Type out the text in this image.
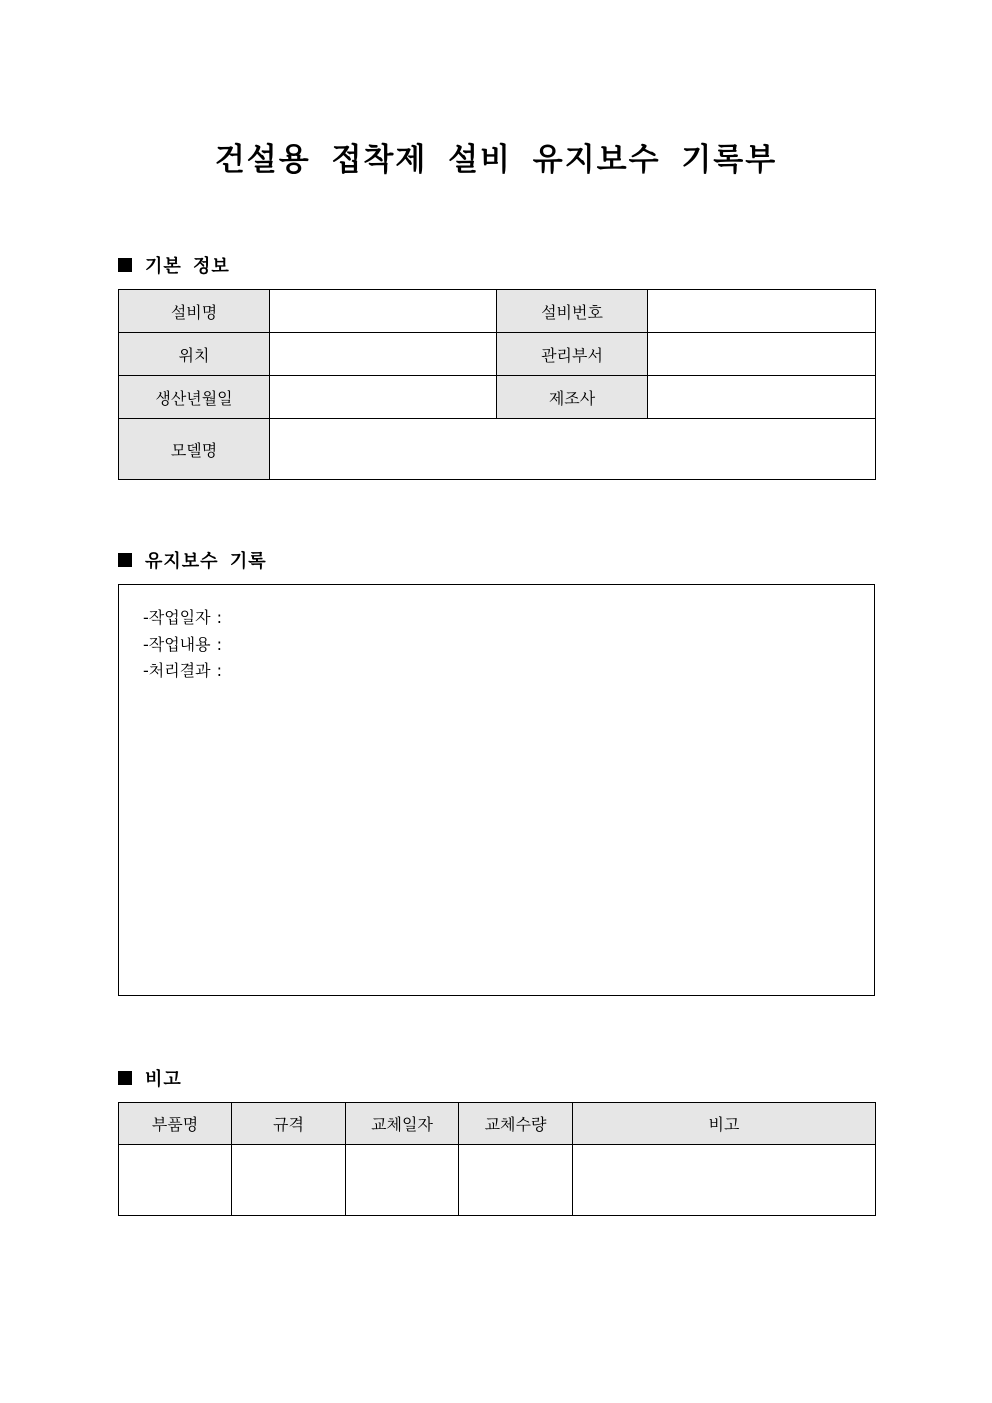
건설용 접착제 설비 유지보수 기록부
기본 정보
설비명		설비번호	
위치		관리부서	
생산년월일		제조사	
모델명			
유지보수 기록
-작업일자 :
-작업내용 :
-처리결과 :
비고
부품명	규격	교체일자	교체수량	비고
